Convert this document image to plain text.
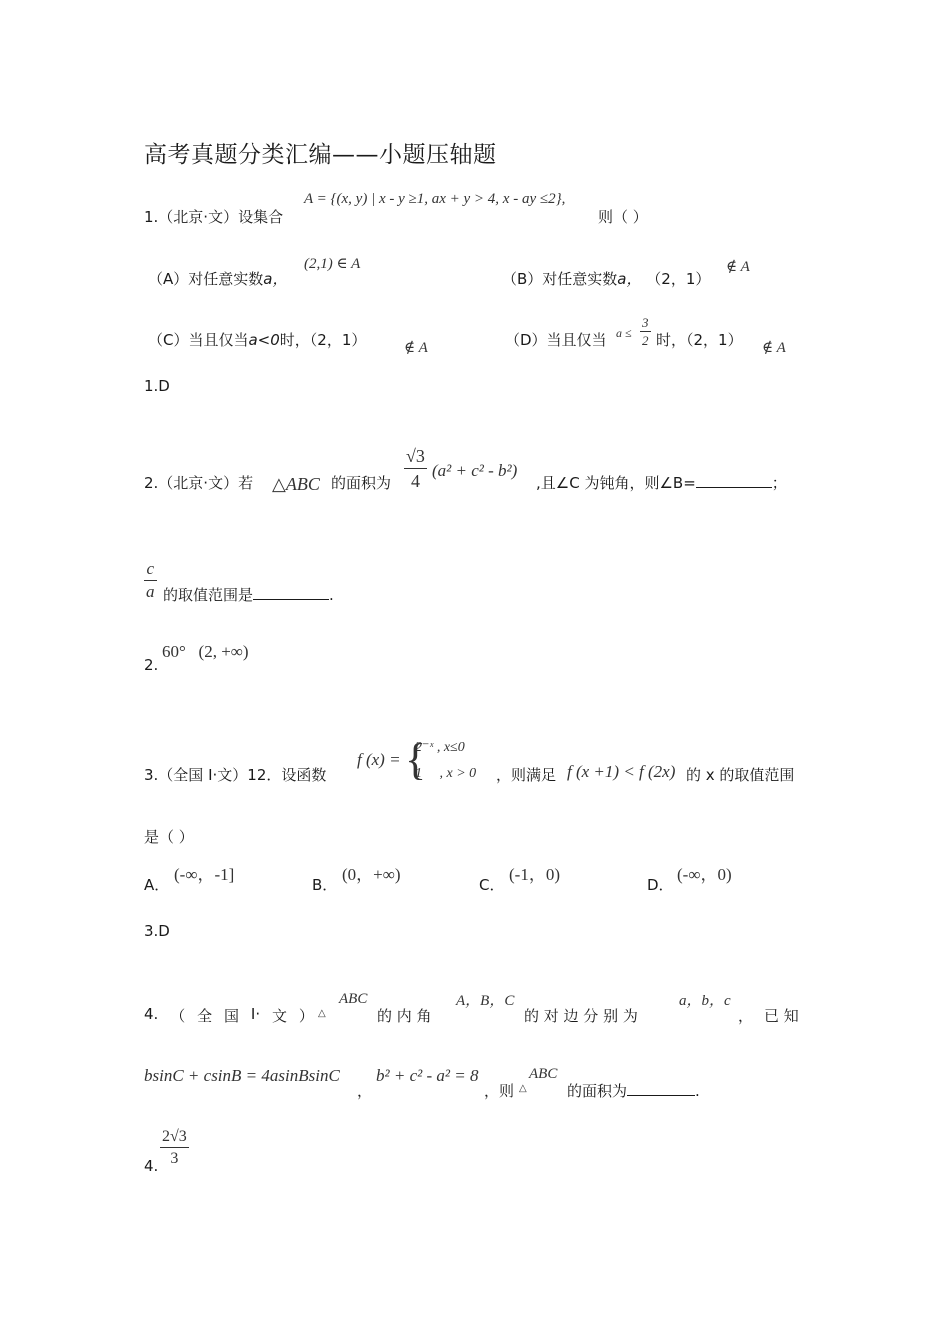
高考真题分类汇编——小题压轴题
1.（北京·文）设集合
A = {(x, y) | x - y ≥1, ax + y > 4, x - ay ≤2},
则（ ）
（A）对任意实数a，
(2,1) ∈ A
（B）对任意实数a， （2，1）
∉ A
（C）当且仅当a<0时，（2，1）	∉ A	（D）当且仅当 $a \le \frac{3}{2}$ 时，（2，1） ∉ A
1.D
2.（北京·文）若 △ABC 的面积为 $\frac{√3}{4} (a^2 + c^2 - b^2)$
,且∠C 为钝角，则∠B=	；
$\frac{c}{a}$ 的取值范围是	.
2.
60°   (2, +∞)
3.（全国 I·文）12．设函数
f (x) = {
2⁻ˣ , x≤0
1     , x > 0 ，则满足 f (x +1) < f (2x) 的 x 的取值范围
是（ ）
A．
(-∞，-1]
B．
(0，+∞)
C．
(-1，0)
D．
(-∞，0)
3.D
4. （ 全 国 I· 文 ） △
ABC
的 内 角
A，B，C
的 对 边 分 别 为
a，b，c
， 已 知
bsinC + csinB = 4asinBsinC
，
b² + c² - a² = 8
，则 △
ABC
的面积为	.
4. $\frac{2√3}{3}$
